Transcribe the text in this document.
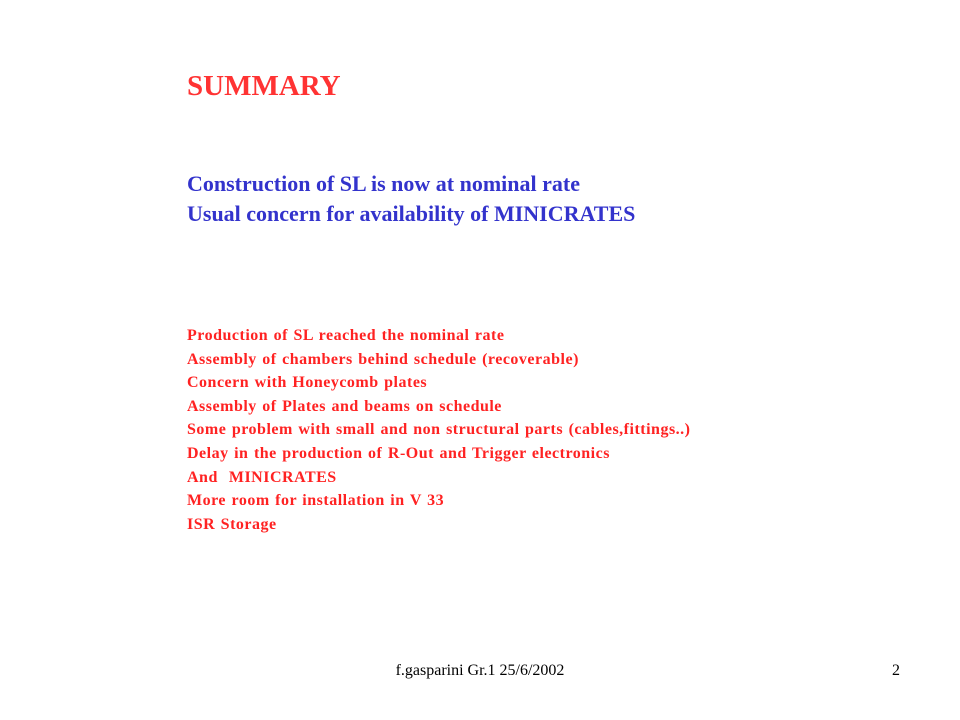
SUMMARY
Construction of SL is now at nominal rate
Usual concern for availability of MINICRATES
Production of SL reached the nominal rate
Assembly of chambers behind schedule (recoverable)
Concern with Honeycomb plates
Assembly of Plates and beams on schedule
Some problem with small and non structural parts (cables,fittings..)
Delay in the production of R-Out and Trigger electronics
And  MINICRATES
More room for installation in V 33
ISR Storage

f.gasparini Gr.1 25/6/2002	2
